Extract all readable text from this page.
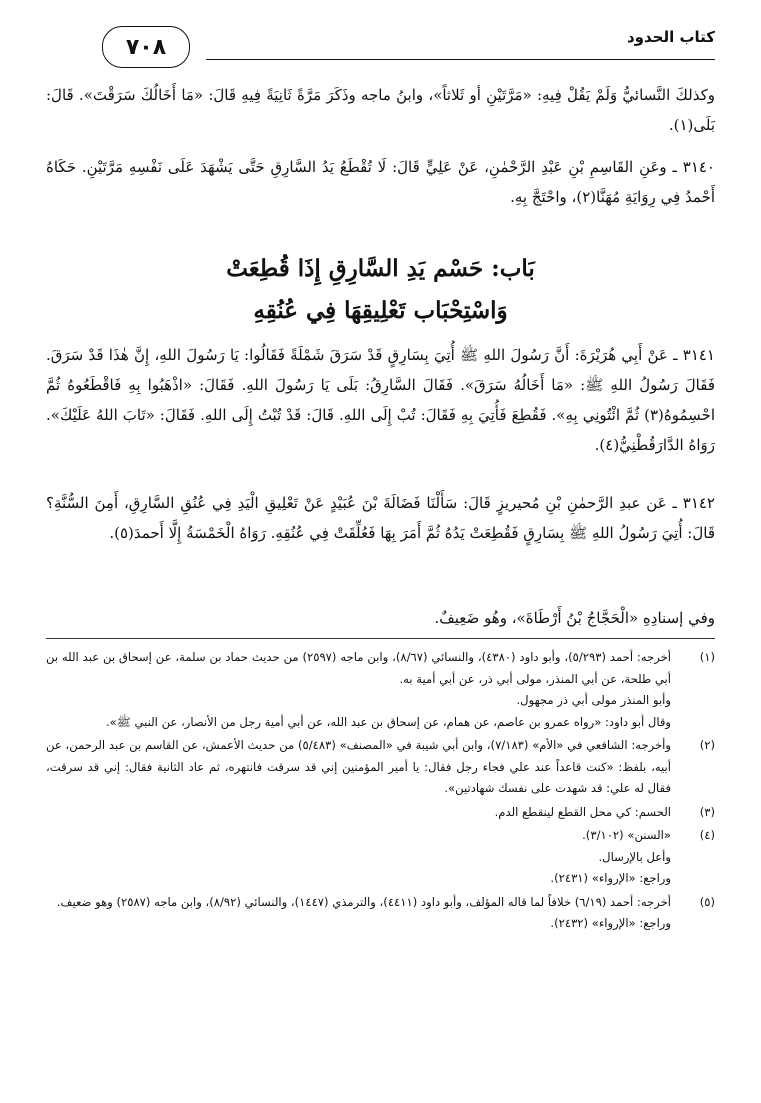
كتاب الحدود
٧٠٨
وكذلكَ النَّسائيُّ وَلَمْ يَقُلْ فِيهِ: «مَرَّتَيْنِ أو ثَلاثاً»، وابنُ ماجه وذَكَرَ مَرَّةً ثَانِيَةً فِيهِ قَالَ: «مَا أَخَالُكَ سَرَقْتَ». قَالَ: بَلَى(١).
٣١٤٠ ـ وعَنِ القَاسِمِ بْنِ عَبْدِ الرَّحْمٰنِ، عَنْ عَلِيٍّ قَالَ: لَا تُقْطَعُ يَدُ السَّارِقِ حَتَّى يَشْهَدَ عَلَى نَفْسِهِ مَرَّتَيْنِ. حَكَاهُ أَحْمدُ فِي رِوَايَةِ مُهَنَّا(٢)، واحْتَجَّ بِهِ.
بَاب: حَسْم يَدِ السَّارِقِ إِذَا قُطِعَتْ
وَاسْتِحْبَاب تَعْلِيقِهَا فِي عُنُقِهِ
٣١٤١ ـ عَنْ أَبِي هُرَيْرَةَ: أَنَّ رَسُولَ اللهِ ﷺ أُتِيَ بِسَارِقٍ قَدْ سَرَقَ شَمْلَةً فَقَالُوا: يَا رَسُولَ اللهِ، إِنَّ هٰذَا قَدْ سَرَقَ. فَقَالَ رَسُولُ اللهِ ﷺ: «مَا أَخَالُهُ سَرَقَ». فَقَالَ السَّارِقُ: بَلَى يَا رَسُولَ اللهِ. فَقَالَ: «اذْهَبُوا بِهِ فَاقْطَعُوهُ ثُمَّ احْسِمُوهُ(٣) ثُمَّ ائْتُونِي بِهِ». فَقُطِعَ فَأُتِيَ بِهِ فَقَالَ: تُبْ إِلَى اللهِ. قَالَ: قَدْ تُبْتُ إِلَى اللهِ. فَقَالَ: «تَابَ اللهُ عَلَيْكَ». رَوَاهُ الدَّارَقُطْنِيُّ(٤).
٣١٤٢ ـ عَن عبدِ الرَّحمٰنِ بْنِ مُحيريزٍ قَالَ: سَأَلْنَا فَضَالَةَ بْنَ عُبَيْدٍ عَنْ تَعْلِيقِ الْيَدِ فِي عُنُقِ السَّارِقِ، أَمِنَ السُّنَّةِ؟ قَالَ: أُتِيَ رَسُولُ اللهِ ﷺ بِسَارِقٍ فَقُطِعَتْ يَدُهُ ثُمَّ أَمَرَ بِهَا فَعُلِّقَتْ فِي عُنُقِهِ. رَوَاهُ الْخَمْسَةُ إِلَّا أَحمدَ(٥).
وفي إسنادِهِ «الْحَجَّاجُ بْنُ أَرْطَاةَ»، وهُو ضَعِيفٌ.
(١)
أخرجه: أحمد (٥/٢٩٣)، وأبو داود (٤٣٨٠)، والنسائي (٨/٦٧)، وابن ماجه (٢٥٩٧) من حديث حماد بن سلمة، عن إسحاق بن عبد الله بن أبي طلحة، عن أبي المنذر، مولى أبي ذر، عن أبي أمية به.
وأبو المنذر مولى أبي ذر مجهول.
وقال أبو داود: «رواه عمرو بن عاصم، عن همام، عن إسحاق بن عبد الله، عن أبي أمية رجل من الأنصار، عن النبي ﷺ».
(٢)
وأخرجه: الشافعي في «الأم» (٧/١٨٣)، وابن أبي شيبة في «المصنف» (٥/٤٨٣) من حديث الأعمش، عن القاسم بن عبد الرحمن، عن أبيه، بلفظ: «كنت قاعداً عند علي فجاء رجل فقال: يا أمير المؤمنين إني قد سرقت فانتهره، ثم عاد الثانية فقال: إني قد سرقت، فقال له علي: قد شهدت على نفسك شهادتين».
(٣)
الحسم: كي محل القطع لينقطع الدم.
(٤)
«السنن» (٣/١٠٢).
وأعل بالإرسال.
وراجع: «الإرواء» (٢٤٣١).
(٥)
أخرجه: أحمد (٦/١٩) خلافاً لما قاله المؤلف، وأبو داود (٤٤١١)، والترمذي (١٤٤٧)، والنسائي (٨/٩٢)، وابن ماجه (٢٥٨٧) وهو ضعيف.
وراجع: «الإرواء» (٢٤٣٢).
